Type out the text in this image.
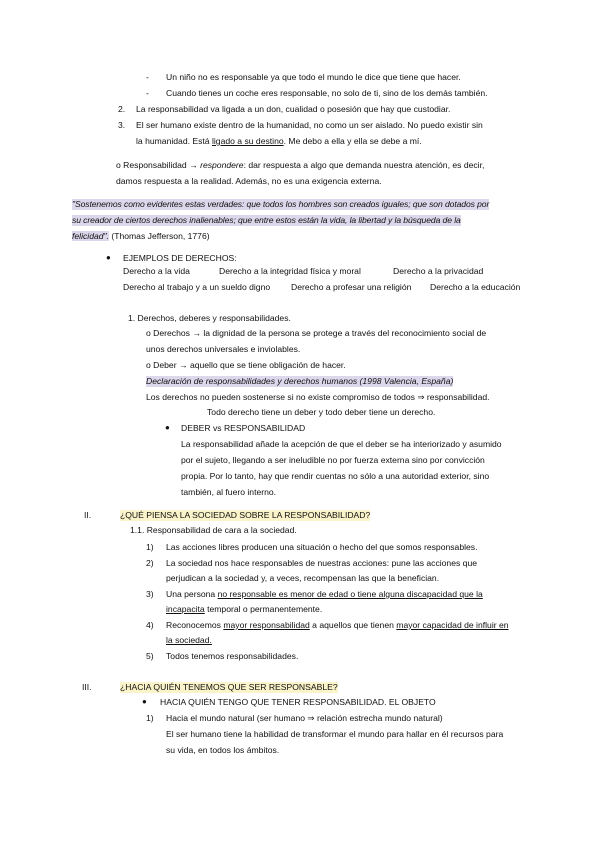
- Un niño no es responsable ya que todo el mundo le dice que tiene que hacer.
- Cuando tienes un coche eres responsable, no solo de ti, sino de los demás también.
2. La responsabilidad va ligada a un don, cualidad o posesión que hay que custodiar.
3. El ser humano existe dentro de la humanidad, no como un ser aislado. No puedo existir sin
la humanidad. Está ligado a su destino. Me debo a ella y ella se debe a mí.
o Responsabilidad → respondere: dar respuesta a algo que demanda nuestra atención, es decir,
damos respuesta a la realidad. Además, no es una exigencia externa.
"Sostenemos como evidentes estas verdades: que todos los hombres son creados iguales; que son dotados por
su creador de ciertos derechos inalienables; que entre estos están la vida, la libertad y la búsqueda de la
felicidad". (Thomas Jefferson, 1776)
● EJEMPLOS DE DERECHOS:
Derecho a la vida	Derecho a la integridad física y moral	Derecho a la privacidad
Derecho al trabajo y a un sueldo digno Derecho a profesar una religión Derecho a la educación
1. Derechos, deberes y responsabilidades.
o Derechos → la dignidad de la persona se protege a través del reconocimiento social de
unos derechos universales e inviolables.
o Deber → aquello que se tiene obligación de hacer.
Declaración de responsabilidades y derechos humanos (1998 Valencia, España)
Los derechos no pueden sostenerse si no existe compromiso de todos ⇒ responsabilidad.
Todo derecho tiene un deber y todo deber tiene un derecho.
● DEBER vs RESPONSABILIDAD
La responsabilidad añade la acepción de que el deber se ha interiorizado y asumido
por el sujeto, llegando a ser ineludible no por fuerza externa sino por convicción
propia. Por lo tanto, hay que rendir cuentas no sólo a una autoridad exterior, sino
también, al fuero interno.
II.	¿QUÉ PIENSA LA SOCIEDAD SOBRE LA RESPONSABILIDAD?
1.1. Responsabilidad de cara a la sociedad.
1) Las acciones libres producen una situación o hecho del que somos responsables.
2) La sociedad nos hace responsables de nuestras acciones: pune las acciones que
perjudican a la sociedad y, a veces, recompensan las que la benefician.
3) Una persona no responsable es menor de edad o tiene alguna discapacidad que la
incapacita temporal o permanentemente.
4) Reconocemos mayor responsabilidad a aquellos que tienen mayor capacidad de influir en
la sociedad.
5) Todos tenemos responsabilidades.
III.	¿HACIA QUIÉN TENEMOS QUE SER RESPONSABLE?
● HACIA QUIÉN TENGO QUE TENER RESPONSABILIDAD. EL OBJETO
1) Hacia el mundo natural (ser humano ⇒ relación estrecha mundo natural)
El ser humano tiene la habilidad de transformar el mundo para hallar en él recursos para
su vida, en todos los ámbitos.
